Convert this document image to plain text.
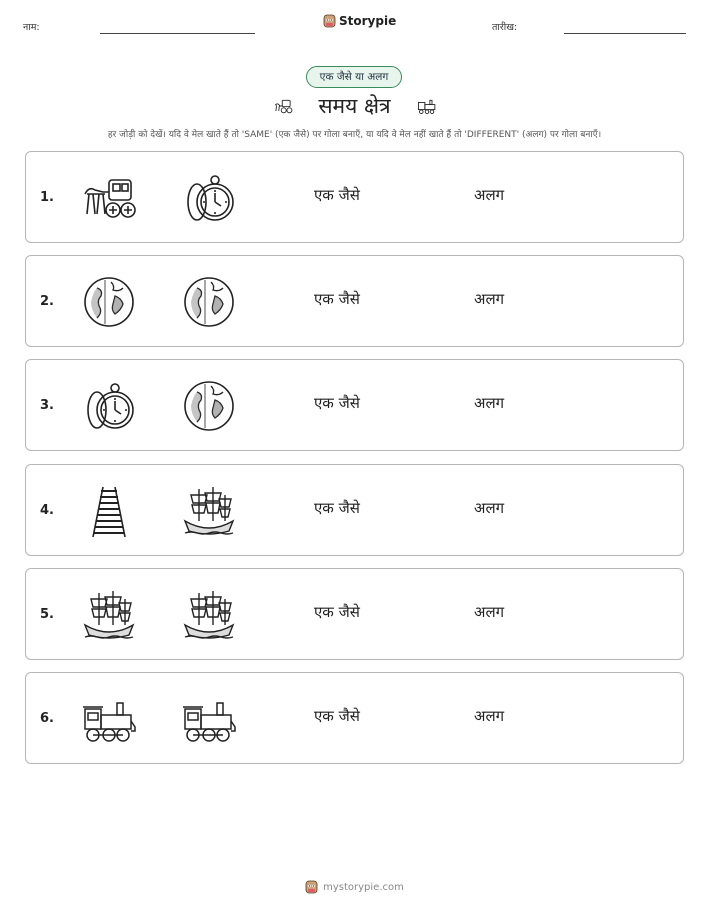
नाम:	Storypie	तारीख:
एक जैसे या अलग
समय क्षेत्र
हर जोड़ी को देखें। यदि वे मेल खाते हैं तो 'SAME' (एक जैसे) पर गोला बनाएँ, या यदि वे मेल नहीं खाते हैं तो 'DIFFERENT' (अलग) पर गोला बनाएँ।
1.	एक जैसे	अलग
2.	एक जैसे	अलग
3.	एक जैसे	अलग
4.	एक जैसे	अलग
5.	एक जैसे	अलग
6.	एक जैसे	अलग
mystorypie.com
